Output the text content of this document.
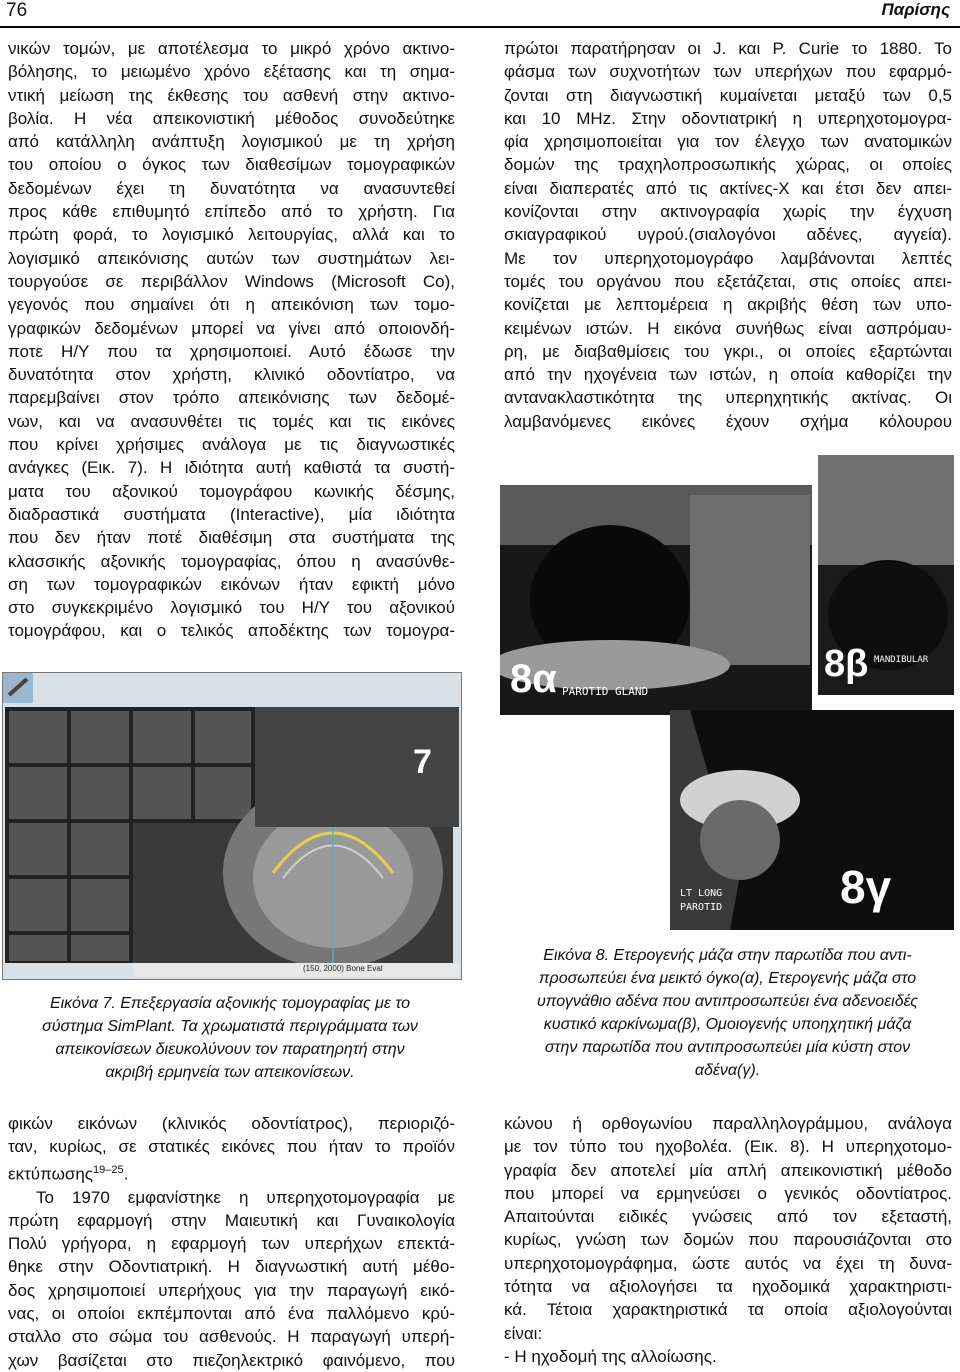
76	Παρίσης
νικών τομών, με αποτέλεσμα το μικρό χρόνο ακτινο-
βόλησης, το μειωμένο χρόνο εξέτασης και τη σημα-
ντική μείωση της έκθεσης του ασθενή στην ακτινο-
βολία. Η νέα απεικονιστική μέθοδος συνοδεύτηκε
από κατάλληλη ανάπτυξη λογισμικού με τη χρήση
του οποίου ο όγκος των διαθεσίμων τομογραφικών
δεδομένων έχει τη δυνατότητα να ανασυντεθεί
προς κάθε επιθυμητό επίπεδο από το χρήστη. Για
πρώτη φορά, το λογισμικό λειτουργίας, αλλά και το
λογισμικό απεικόνισης αυτών των συστημάτων λει-
τουργούσε σε περιβάλλον Windows (Microsoft Co),
γεγονός που σημαίνει ότι η απεικόνιση των τομο-
γραφικών δεδομένων μπορεί να γίνει από οποιονδή-
ποτε Η/Υ που τα χρησιμοποιεί. Αυτό έδωσε την
δυνατότητα στον χρήστη, κλινικό οδοντίατρο, να
παρεμβαίνει στον τρόπο απεικόνισης των δεδομέ-
νων, και να ανασυνθέτει τις τομές και τις εικόνες
που κρίνει χρήσιμες ανάλογα με τις διαγνωστικές
ανάγκες (Εικ. 7). Η ιδιότητα αυτή καθιστά τα συστή-
ματα του αξονικού τομογράφου κωνικής δέσμης,
διαδραστικά συστήματα (Interactive), μία ιδιότητα
που δεν ήταν ποτέ διαθέσιμη στα συστήματα της
κλασσικής αξονικής τομογραφίας, όπου η ανασύνθε-
ση των τομογραφικών εικόνων ήταν εφικτή μόνο
στο συγκεκριμένο λογισμικό του Η/Υ του αξονικού
τομογράφου, και ο τελικός αποδέκτης των τομογρα-
πρώτοι παρατήρησαν οι J. και P. Curie το 1880. Το
φάσμα των συχνοτήτων των υπερήχων που εφαρμό-
ζονται στη διαγνωστική κυμαίνεται μεταξύ των 0,5
και 10 MHz. Στην οδοντιατρική η υπερηχοτομογρα-
φία χρησιμοποιείται για τον έλεγχο των ανατομικών
δομών της τραχηλοπροσωπικής χώρας, οι οποίες
είναι διαπερατές από τις ακτίνες-Χ και έτσι δεν απει-
κονίζονται στην ακτινογραφία χωρίς την έγχυση
σκιαγραφικού υγρού.(σιαλογόνοι αδένες, αγγεία).
Με τον υπερηχοτομογράφο λαμβάνονται λεπτές
τομές του οργάνου που εξετάζεται, στις οποίες απει-
κονίζεται με λεπτομέρεια η ακριβής θέση των υπο-
κειμένων ιστών. Η εικόνα συνήθως είναι ασπρόμαυ-
ρη, με διαβαθμίσεις του γκρι., οι οποίες εξαρτώνται
από την ηχογένεια των ιστών, η οποία καθορίζει την
αντανακλαστικότητα της υπερηχητικής ακτίνας. Οι
λαμβανόμενες εικόνες έχουν σχήμα κόλουρου
7
(150, 2000) Bone Eval
Εικόνα 7. Επεξεργασία αξονικής τομογραφίας με το
σύστημα SimPlant. Τα χρωματιστά περιγράμματα των
απεικονίσεων διευκολύνουν τον παρατηρητή στην
ακριβή ερμηνεία των απεικονίσεων.
8α PAROTID GLAND
8β MANDIBULAR
LT LONG
PAROTID	8γ
Εικόνα 8. Ετερογενής μάζα στην παρωτίδα που αντι-
προσωπεύει ένα μεικτό όγκο(α), Ετερογενής μάζα στο
υπογνάθιο αδένα που αντιπροσωπεύει ένα αδενοειδές
κυστικό καρκίνωμα(β), Ομοιογενής υποηχητική μάζα
στην παρωτίδα που αντιπροσωπεύει μία κύστη στον
αδένα(γ).
φικών εικόνων (κλινικός οδοντίατρος), περιοριζό-
ταν, κυρίως, σε στατικές εικόνες που ήταν το προϊόν
εκτύπωσης$^{19-25}$.
Το 1970 εμφανίστηκε η υπερηχοτομογραφία με
πρώτη εφαρμογή στην Μαιευτική και Γυναικολογία
Πολύ γρήγορα, η εφαρμογή των υπερήχων επεκτά-
θηκε στην Οδοντιατρική. Η διαγνωστική αυτή μέθο-
δος χρησιμοποιεί υπερήχους για την παραγωγή εικό-
νας, οι οποίοι εκπέμπονται από ένα παλλόμενο κρύ-
σταλλο στο σώμα του ασθενούς. Η παραγωγή υπερή-
χων βασίζεται στο πιεζοηλεκτρικό φαινόμενο, που
κώνου ή ορθογωνίου παραλληλογράμμου, ανάλογα
με τον τύπο του ηχοβολέα. (Εικ. 8). Η υπερηχοτομο-
γραφία δεν αποτελεί μία απλή απεικονιστική μέθοδο
που μπορεί να ερμηνεύσει ο γενικός οδοντίατρος.
Απαιτούνται ειδικές γνώσεις από τον εξεταστή,
κυρίως, γνώση των δομών που παρουσιάζονται στο
υπερηχοτομογράφημα, ώστε αυτός να έχει τη δυνα-
τότητα να αξιολογήσει τα ηχοδομικά χαρακτηριστι-
κά. Τέτοια χαρακτηριστικά τα οποία αξιολογούνται
είναι:
- Η ηχοδομή της αλλοίωσης.
